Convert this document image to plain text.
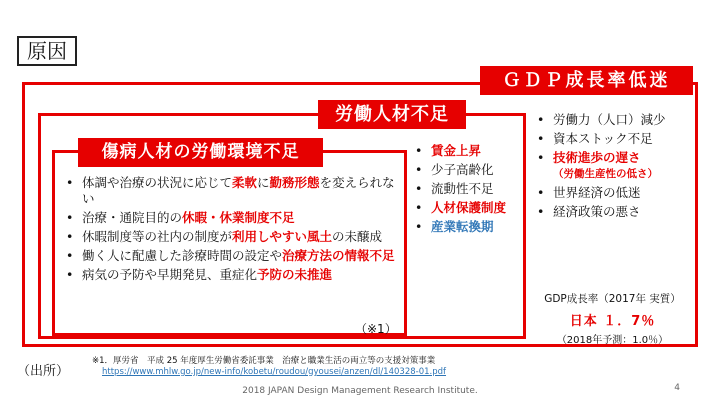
原因
ＧＤＰ成長率低迷
労働人材不足
傷病人材の労働環境不足
• 体調や治療の状況に応じて柔軟に勤務形態を変えられない
• 治療・通院目的の休暇・休業制度不足
• 休暇制度等の社内の制度が利用しやすい風土の未醸成
• 働く人に配慮した診療時間の設定や治療方法の情報不足
• 病気の予防や早期発見、重症化予防の未推進
（※1）
• 賃金上昇
• 少子高齢化
• 流動性不足
• 人材保護制度
• 産業転換期
• 労働力（人口）減少
• 資本ストック不足
• 技術進歩の遅さ
（労働生産性の低さ）
• 世界経済の低迷
• 経済政策の悪さ
GDP成長率（2017年 実質）
日本 １．7％
（2018年予測：1.0％）
（出所）
※1．厚労省　平成 25 年度厚生労働省委託事業　治療と職業生活の両立等の支援対策事業
https://www.mhlw.go.jp/new-info/kobetu/roudou/gyousei/anzen/dl/140328-01.pdf
2018 JAPAN Design Management Research Institute.	4
